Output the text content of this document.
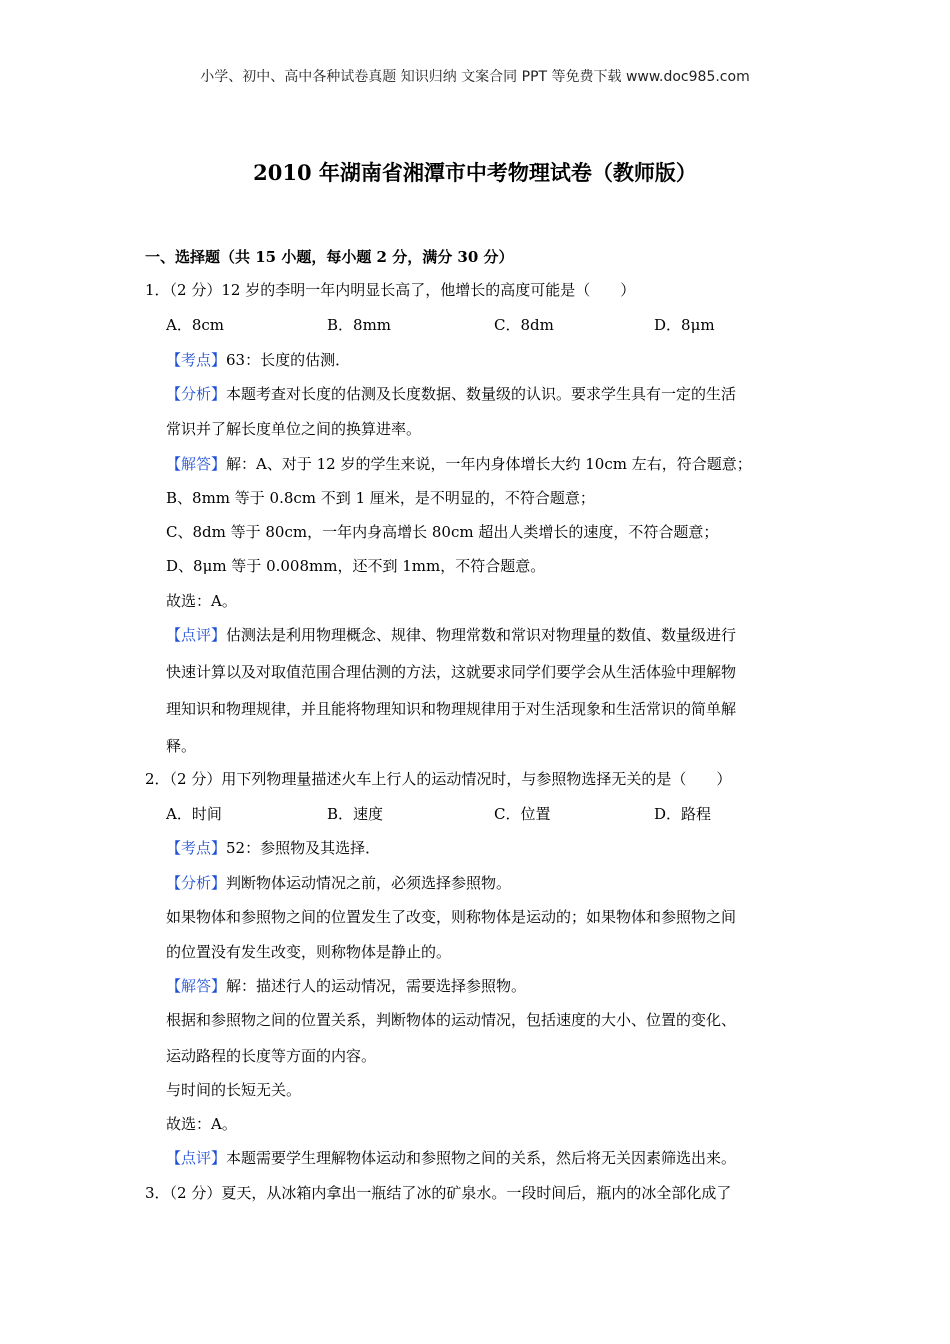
小学、初中、高中各种试卷真题 知识归纳 文案合同 PPT 等免费下载 www.doc985.com
2010 年湖南省湘潭市中考物理试卷（教师版）
一、选择题（共 15 小题，每小题 2 分，满分 30 分）
1．（2 分）12 岁的李明一年内明显长高了，他增长的高度可能是（　　）
A．8cm	B．8mm	C．8dm	D．8μm
【考点】63：长度的估测．
【分析】本题考查对长度的估测及长度数据、数量级的认识。要求学生具有一定的生活
常识并了解长度单位之间的换算进率。
【解答】解：A、对于 12 岁的学生来说，一年内身体增长大约 10cm 左右，符合题意；
B、8mm 等于 0.8cm 不到 1 厘米，是不明显的，不符合题意；
C、8dm 等于 80cm，一年内身高增长 80cm 超出人类增长的速度，不符合题意；
D、8μm 等于 0.008mm，还不到 1mm，不符合题意。
故选：A。
【点评】估测法是利用物理概念、规律、物理常数和常识对物理量的数值、数量级进行
快速计算以及对取值范围合理估测的方法，这就要求同学们要学会从生活体验中理解物
理知识和物理规律，并且能将物理知识和物理规律用于对生活现象和生活常识的简单解
释。
2．（2 分）用下列物理量描述火车上行人的运动情况时，与参照物选择无关的是（　　）
A．时间	B．速度	C．位置	D．路程
【考点】52：参照物及其选择．
【分析】判断物体运动情况之前，必须选择参照物。
如果物体和参照物之间的位置发生了改变，则称物体是运动的；如果物体和参照物之间
的位置没有发生改变，则称物体是静止的。
【解答】解：描述行人的运动情况，需要选择参照物。
根据和参照物之间的位置关系，判断物体的运动情况，包括速度的大小、位置的变化、
运动路程的长度等方面的内容。
与时间的长短无关。
故选：A。
【点评】本题需要学生理解物体运动和参照物之间的关系，然后将无关因素筛选出来。
3．（2 分）夏天，从冰箱内拿出一瓶结了冰的矿泉水。一段时间后，瓶内的冰全部化成了
